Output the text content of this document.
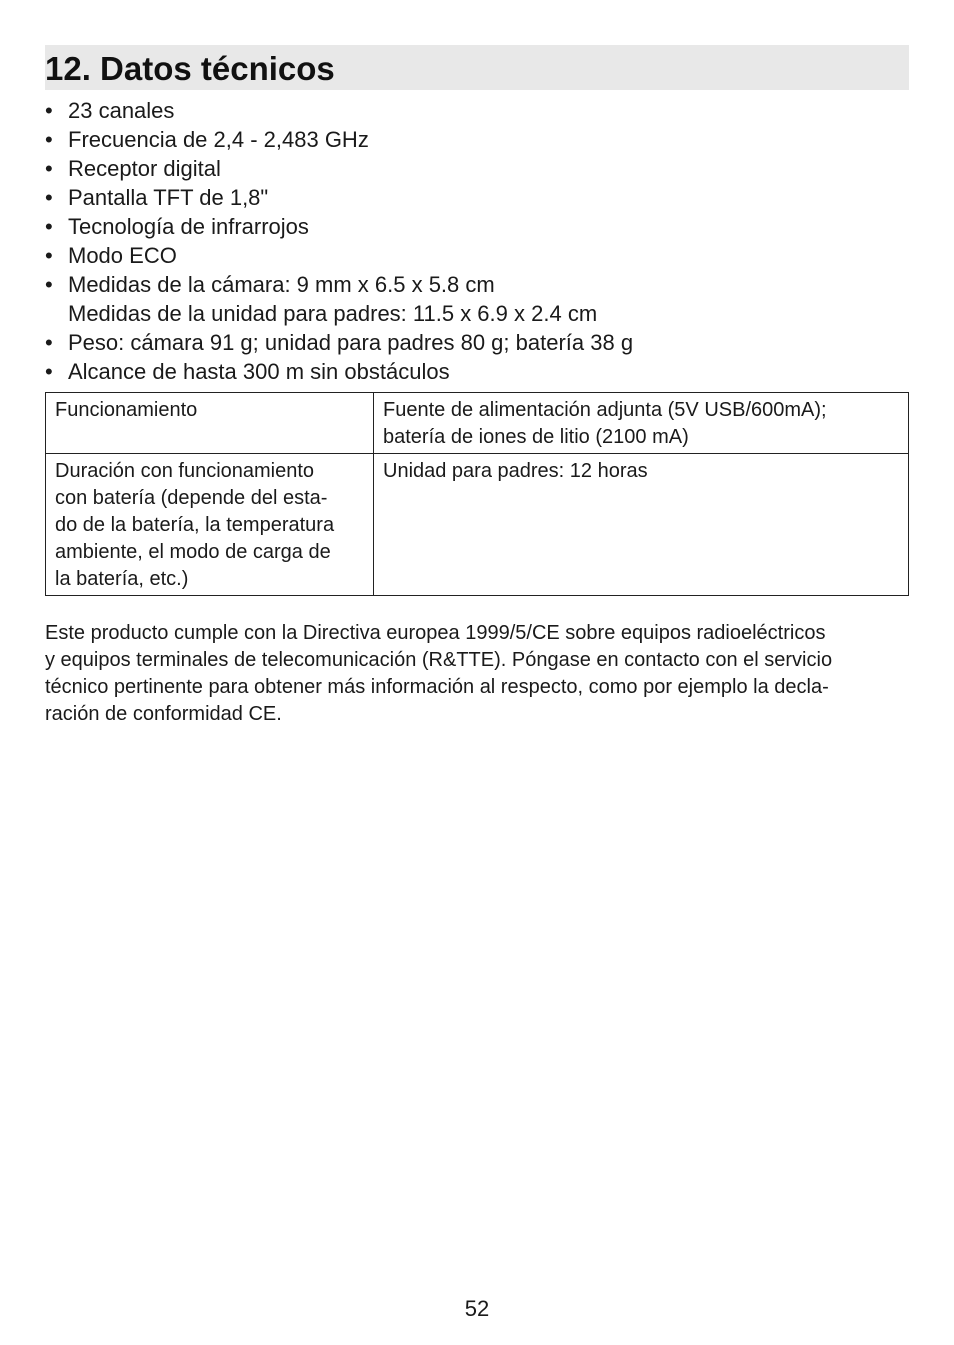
12. Datos técnicos
• 23 canales
• Frecuencia de 2,4 - 2,483 GHz
• Receptor digital
• Pantalla TFT de 1,8"
• Tecnología de infrarrojos
• Modo ECO
• Medidas de la cámara: 9 mm x 6.5 x 5.8 cm
Medidas de la unidad para padres: 11.5 x 6.9 x 2.4 cm
• Peso: cámara 91 g; unidad para padres 80 g; batería 38 g
• Alcance de hasta 300 m sin obstáculos
Funcionamiento	Fuente de alimentación adjunta (5V USB/600mA);
batería de iones de litio (2100 mA)

Duración con funcionamiento
con batería (depende del esta-
do de la batería, la temperatura
ambiente, el modo de carga de
la batería, etc.)	Unidad para padres: 12 horas

Este producto cumple con la Directiva europea 1999/5/CE sobre equipos radioeléctricos
y equipos terminales de telecomunicación (R&TTE). Póngase en contacto con el servicio
técnico pertinente para obtener más información al respecto, como por ejemplo la decla-
ración de conformidad CE.

52
